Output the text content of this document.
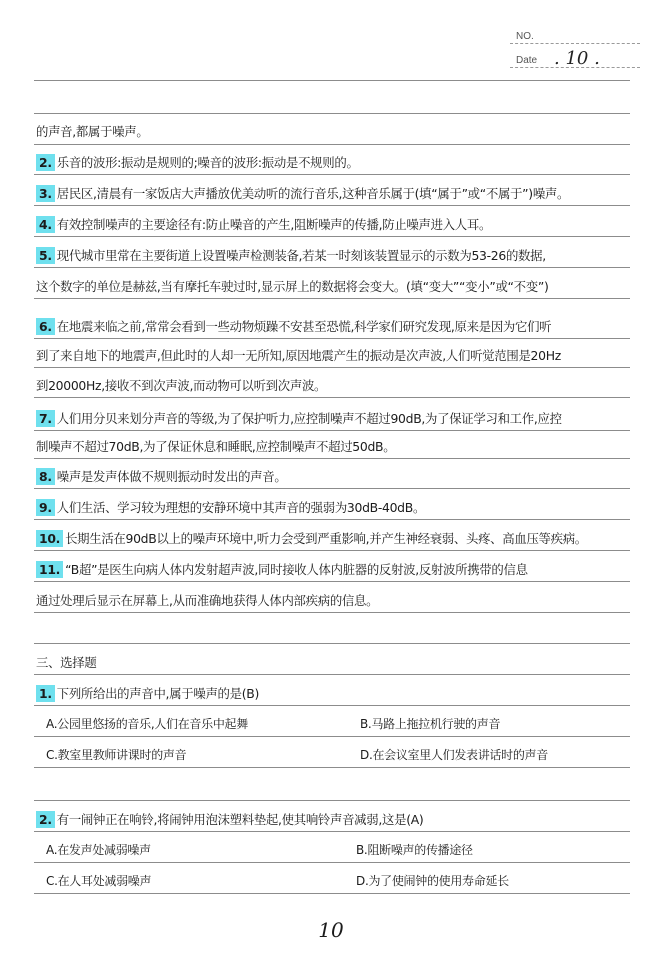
NO.
Date . 10 .
的声音,都属于噪声。
2. 乐音的波形:振动是规则的;噪音的波形:振动是不规则的。
3. 居民区,清晨有一家饭店大声播放优美动听的流行音乐,这种音乐属于(填“属于”或“不属于”)噪声。
4. 有效控制噪声的主要途径有:防止噪音的产生,阻断噪声的传播,防止噪声进入人耳。
5. 现代城市里常在主要街道上设置噪声检测装备,若某一时刻该装置显示的示数为53-26的数据,
这个数字的单位是赫兹,当有摩托车驶过时,显示屏上的数据将会变大。(填“变大”“变小”或“不变”)
6. 在地震来临之前,常常会看到一些动物烦躁不安甚至恐慌,科学家们研究发现,原来是因为它们听
到了来自地下的地震声,但此时的人却一无所知,原因地震产生的振动是次声波,人们听觉范围是20Hz
到20000Hz,接收不到次声波,而动物可以听到次声波。
7. 人们用分贝来划分声音的等级,为了保护听力,应控制噪声不超过90dB,为了保证学习和工作,应控
制噪声不超过70dB,为了保证休息和睡眠,应控制噪声不超过50dB。
8. 噪声是发声体做不规则振动时发出的声音。
9. 人们生活、学习较为理想的安静环境中其声音的强弱为30dB-40dB。
10. 长期生活在90dB以上的噪声环境中,听力会受到严重影响,并产生神经衰弱、头疼、高血压等疾病。
11. “B超”是医生向病人体内发射超声波,同时接收人体内脏器的反射波,反射波所携带的信息
通过处理后显示在屏幕上,从而准确地获得人体内部疾病的信息。
三、选择题
1. 下列所给出的声音中,属于噪声的是(B)
A.公园里悠扬的音乐,人们在音乐中起舞	B.马路上拖拉机行驶的声音
C.教室里教师讲课时的声音	D.在会议室里人们发表讲话时的声音
2. 有一闹钟正在响铃,将闹钟用泡沫塑料垫起,使其响铃声音减弱,这是(A)
A.在发声处减弱噪声	B.阻断噪声的传播途径
C.在人耳处减弱噪声	D.为了使闹钟的使用寿命延长
10
